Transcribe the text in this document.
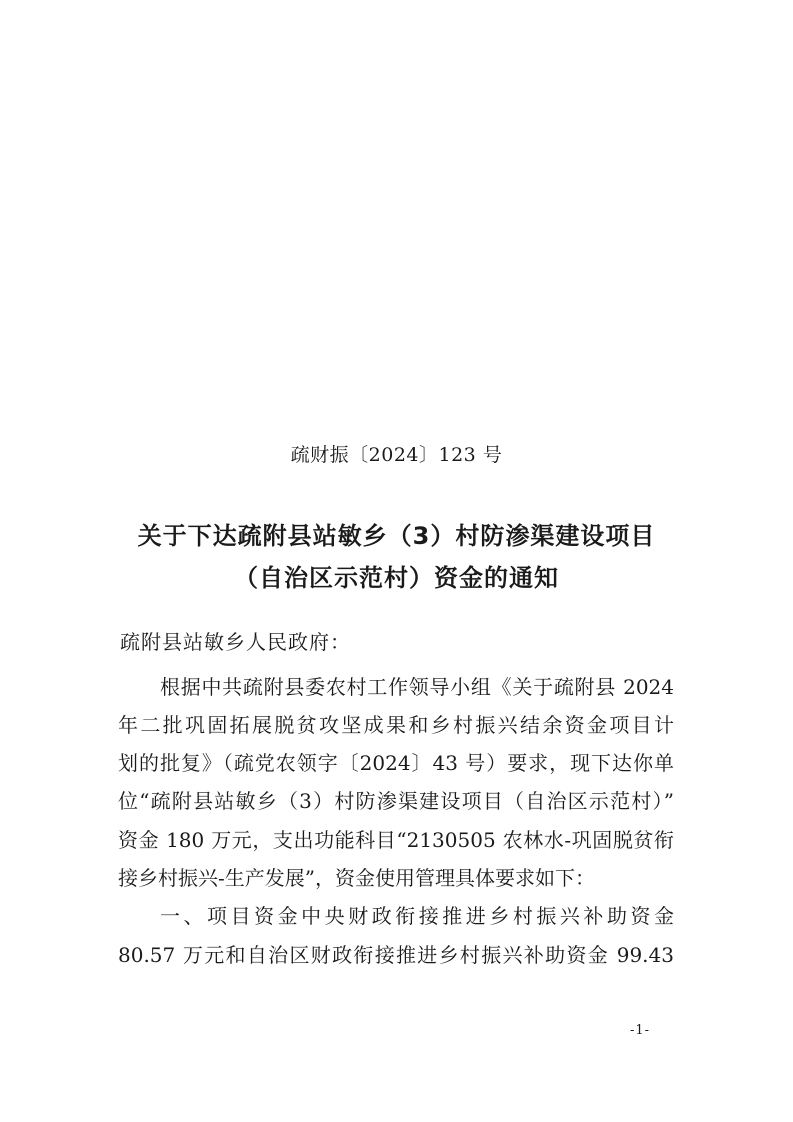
疏财振〔2024〕123 号
关于下达疏附县站敏乡（3）村防渗渠建设项目
（自治区示范村）资金的通知
疏附县站敏乡人民政府：
根据中共疏附县委农村工作领导小组《关于疏附县 2024
年二批巩固拓展脱贫攻坚成果和乡村振兴结余资金项目计
划的批复》（疏党农领字〔2024〕43 号）要求，现下达你单
位“疏附县站敏乡（3）村防渗渠建设项目（自治区示范村）”
资金 180 万元，支出功能科目“2130505 农林水-巩固脱贫衔
接乡村振兴-生产发展”，资金使用管理具体要求如下：
一、项目资金中央财政衔接推进乡村振兴补助资金
80.57 万元和自治区财政衔接推进乡村振兴补助资金 99.43
-1-
